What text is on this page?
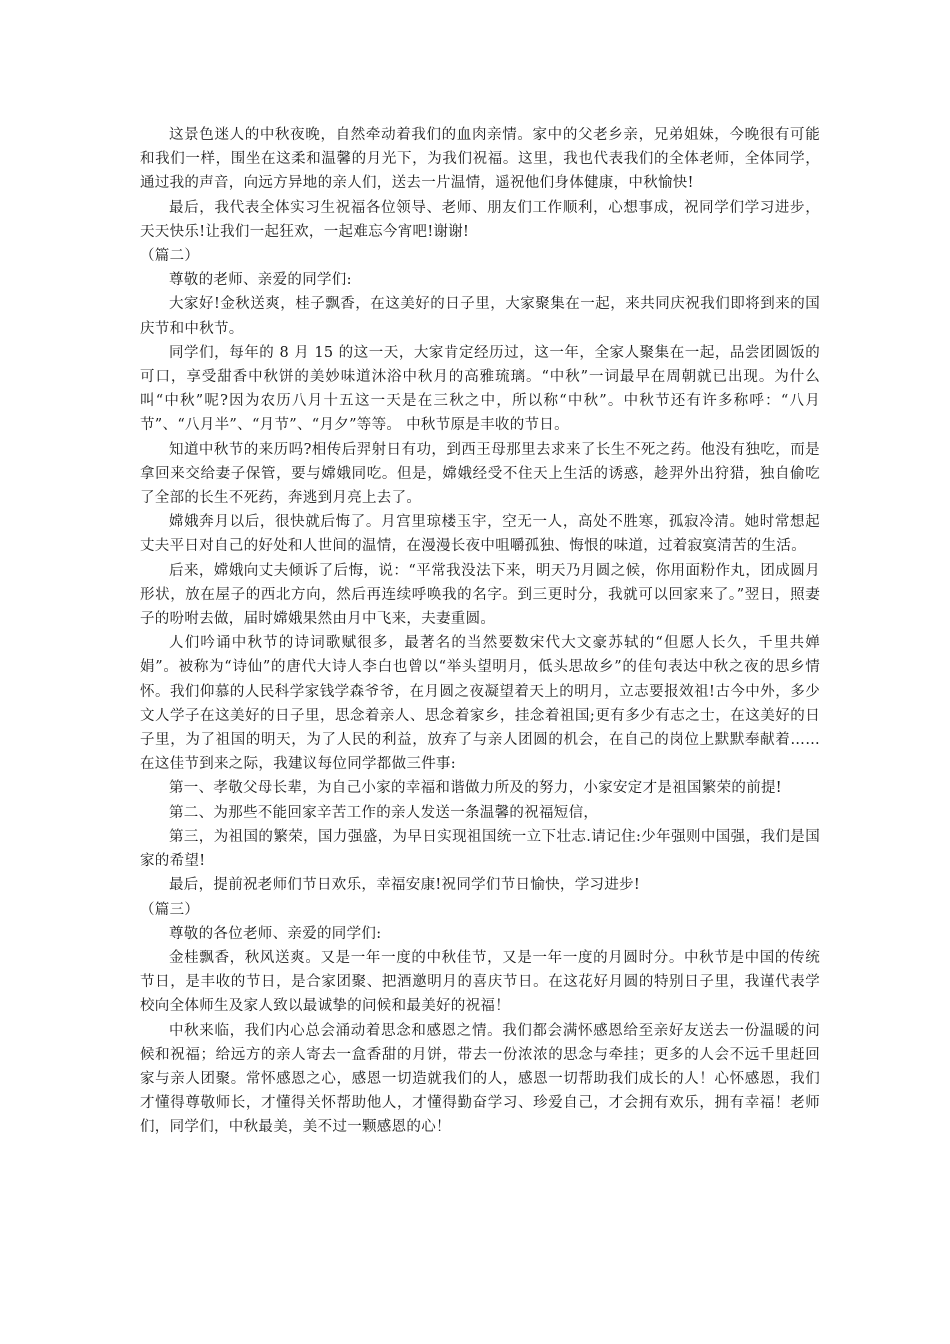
这景色迷人的中秋夜晚，自然牵动着我们的血肉亲情。家中的父老乡亲，兄弟姐妹，今晚很有可能和我们一样，围坐在这柔和温馨的月光下，为我们祝福。这里，我也代表我们的全体老师，全体同学，通过我的声音，向远方异地的亲人们，送去一片温情，遥祝他们身体健康，中秋愉快!

最后，我代表全体实习生祝福各位领导、老师、朋友们工作顺利，心想事成，祝同学们学习进步，天天快乐!让我们一起狂欢，一起难忘今宵吧!谢谢!

（篇二）

尊敬的老师、亲爱的同学们:

大家好!金秋送爽，桂子飘香，在这美好的日子里，大家聚集在一起，来共同庆祝我们即将到来的国庆节和中秋节。

同学们，每年的 8 月 15 的这一天，大家肯定经历过，这一年，全家人聚集在一起，品尝团圆饭的可口，享受甜香中秋饼的美妙味道沐浴中秋月的高雅琉璃。“中秋”一词最早在周朝就已出现。为什么叫“中秋”呢?因为农历八月十五这一天是在三秋之中，所以称“中秋”。中秋节还有许多称呼：“八月节”、“八月半”、“月节”、“月夕”等等。 中秋节原是丰收的节日。

知道中秋节的来历吗?相传后羿射日有功，到西王母那里去求来了长生不死之药。他没有独吃，而是拿回来交给妻子保管，要与嫦娥同吃。但是，嫦娥经受不住天上生活的诱惑，趁羿外出狩猎，独自偷吃了全部的长生不死药，奔逃到月亮上去了。

嫦娥奔月以后，很快就后悔了。月宫里琼楼玉宇，空无一人，高处不胜寒，孤寂冷清。她时常想起丈夫平日对自己的好处和人世间的温情，在漫漫长夜中咀嚼孤独、悔恨的味道，过着寂寞清苦的生活。

后来，嫦娥向丈夫倾诉了后悔，说：“平常我没法下来，明天乃月圆之候，你用面粉作丸，团成圆月形状，放在屋子的西北方向，然后再连续呼唤我的名字。到三更时分，我就可以回家来了。”翌日，照妻子的吩咐去做，届时嫦娥果然由月中飞来，夫妻重圆。

人们吟诵中秋节的诗词歌赋很多，最著名的当然要数宋代大文豪苏轼的“但愿人长久，千里共婵娟”。被称为“诗仙”的唐代大诗人李白也曾以“举头望明月，低头思故乡”的佳句表达中秋之夜的思乡情怀。我们仰慕的人民科学家钱学森爷爷，在月圆之夜凝望着天上的明月，立志要报效祖!古今中外，多少文人学子在这美好的日子里，思念着亲人、思念着家乡，挂念着祖国;更有多少有志之士，在这美好的日子里，为了祖国的明天，为了人民的利益，放弃了与亲人团圆的机会，在自己的岗位上默默奉献着…… 在这佳节到来之际，我建议每位同学都做三件事:

第一、孝敬父母长辈，为自己小家的幸福和谐做力所及的努力，小家安定才是祖国繁荣的前提!

第二、为那些不能回家辛苦工作的亲人发送一条温馨的祝福短信，

第三，为祖国的繁荣，国力强盛，为早日实现祖国统一立下壮志.请记住:少年强则中国强，我们是国家的希望!

最后，提前祝老师们节日欢乐，幸福安康!祝同学们节日愉快，学习进步!

（篇三）

尊敬的各位老师、亲爱的同学们:

金桂飘香，秋风送爽。又是一年一度的中秋佳节，又是一年一度的月圆时分。中秋节是中国的传统节日，是丰收的节日，是合家团聚、把酒邀明月的喜庆节日。在这花好月圆的特别日子里，我谨代表学校向全体师生及家人致以最诚挚的问候和最美好的祝福！

中秋来临，我们内心总会涌动着思念和感恩之情。我们都会满怀感恩给至亲好友送去一份温暖的问候和祝福；给远方的亲人寄去一盒香甜的月饼，带去一份浓浓的思念与牵挂；更多的人会不远千里赶回家与亲人团聚。常怀感恩之心，感恩一切造就我们的人，感恩一切帮助我们成长的人！心怀感恩，我们才懂得尊敬师长，才懂得关怀帮助他人，才懂得勤奋学习、珍爱自己，才会拥有欢乐，拥有幸福！老师们，同学们，中秋最美，美不过一颗感恩的心！
